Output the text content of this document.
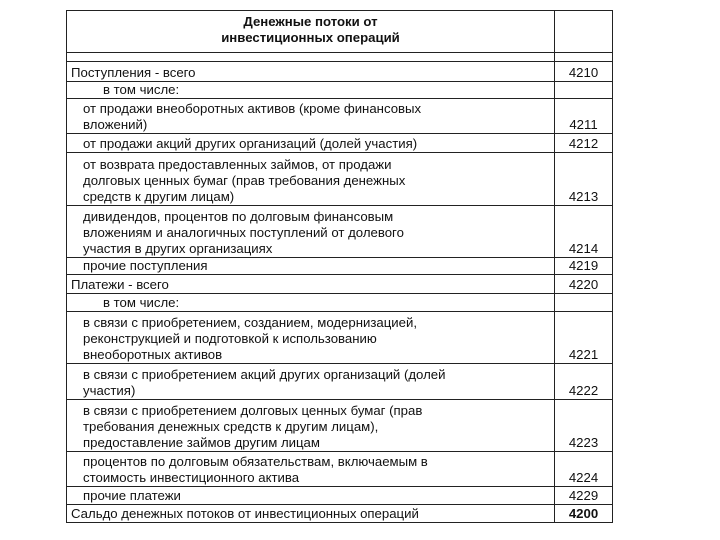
Денежные потоки от
инвестиционных операций	

Поступления - всего	4210

в том числе:	

от продажи внеоборотных активов (кроме финансовых
вложений)	4211

от продажи акций других организаций (долей участия)	4212

от возврата предоставленных займов, от продажи
долговых ценных бумаг (прав требования денежных
средств к другим лицам)	4213

дивидендов, процентов по долговым финансовым
вложениям и аналогичных поступлений от долевого
участия в других организациях	4214

прочие поступления	4219

Платежи - всего	4220

в том числе:	

в связи с приобретением, созданием, модернизацией,
реконструкцией и подготовкой к использованию
внеоборотных активов	4221

в связи с приобретением акций других организаций (долей
участия)	4222

в связи с приобретением долговых ценных бумаг (прав
требования денежных средств к другим лицам),
предоставление займов другим лицам	4223

процентов по долговым обязательствам, включаемым в
стоимость инвестиционного актива	4224

прочие платежи	4229

Сальдо денежных потоков от инвестиционных операций	4200
